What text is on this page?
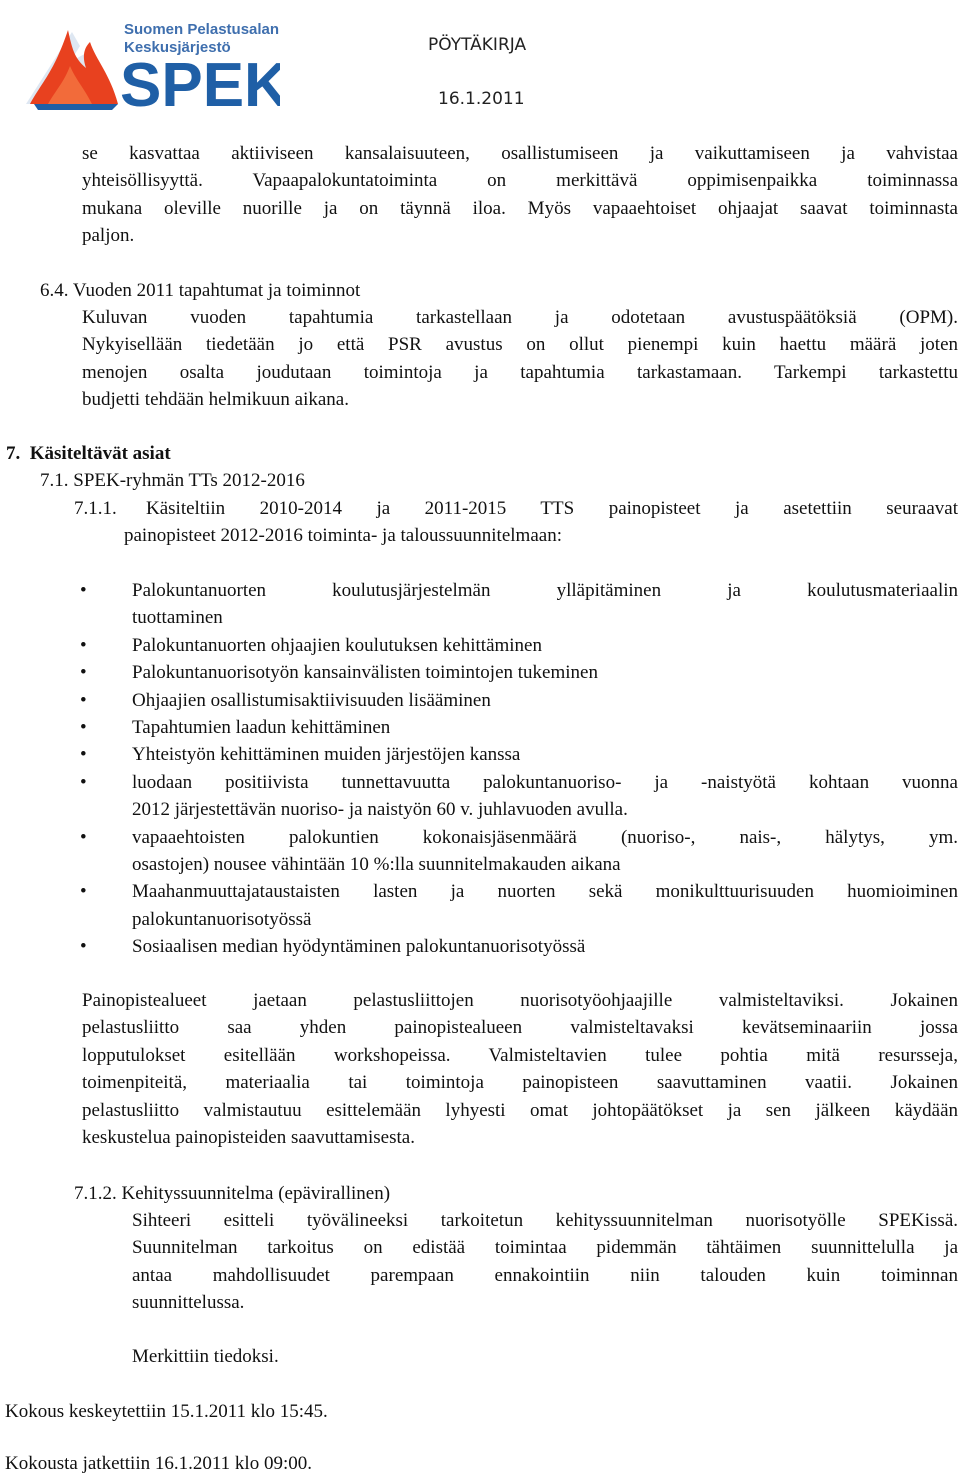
Suomen Pelastusalan
Keskusjärjestö
SPEK
PÖYTÄKIRJA
16.1.2011
se kasvattaa aktiiviseen kansalaisuuteen, osallistumiseen ja vaikuttamiseen ja vahvistaa
yhteisöllisyyttä. Vapaapalokuntatoiminta on merkittävä oppimisenpaikka toiminnassa
mukana oleville nuorille ja on täynnä iloa. Myös vapaaehtoiset ohjaajat saavat toiminnasta
paljon.
6.4. Vuoden 2011 tapahtumat ja toiminnot
Kuluvan vuoden tapahtumia tarkastellaan ja odotetaan avustuspäätöksiä (OPM).
Nykyisellään tiedetään jo että PSR avustus on ollut pienempi kuin haettu määrä joten
menojen osalta joudutaan toimintoja ja tapahtumia tarkastamaan. Tarkempi tarkastettu
budjetti tehdään helmikuun aikana.
7.  Käsiteltävät asiat
7.1. SPEK-ryhmän TTs 2012-2016
7.1.1. Käsiteltiin 2010-2014 ja 2011-2015 TTS painopisteet ja asetettiin seuraavat
painopisteet 2012-2016 toiminta- ja taloussuunnitelmaan:
• Palokuntanuorten koulutusjärjestelmän ylläpitäminen ja koulutusmateriaalin
tuottaminen
• Palokuntanuorten ohjaajien koulutuksen kehittäminen
• Palokuntanuorisotyön kansainvälisten toimintojen tukeminen
• Ohjaajien osallistumisaktiivisuuden lisääminen
• Tapahtumien laadun kehittäminen
• Yhteistyön kehittäminen muiden järjestöjen kanssa
• luodaan positiivista tunnettavuutta palokuntanuoriso- ja -naistyötä kohtaan vuonna
2012 järjestettävän nuoriso- ja naistyön 60 v. juhlavuoden avulla.
• vapaaehtoisten palokuntien kokonaisjäsenmäärä (nuoriso-, nais-, hälytys, ym.
osastojen) nousee vähintään 10 %:lla suunnitelmakauden aikana
• Maahanmuuttajataustaisten lasten ja nuorten sekä monikulttuurisuuden huomioiminen
palokuntanuorisotyössä
• Sosiaalisen median hyödyntäminen palokuntanuorisotyössä
Painopistealueet jaetaan pelastusliittojen nuorisotyöohjaajille valmisteltaviksi. Jokainen
pelastusliitto saa yhden painopistealueen valmisteltavaksi kevätseminaariin jossa
lopputulokset esitellään workshopeissa. Valmisteltavien tulee pohtia mitä resursseja,
toimenpiteitä, materiaalia tai toimintoja painopisteen saavuttaminen vaatii. Jokainen
pelastusliitto valmistautuu esittelemään lyhyesti omat johtopäätökset ja sen jälkeen käydään
keskustelua painopisteiden saavuttamisesta.
7.1.2. Kehityssuunnitelma (epävirallinen)
Sihteeri esitteli työvälineeksi tarkoitetun kehityssuunnitelman nuorisotyölle SPEKissä.
Suunnitelman tarkoitus on edistää toimintaa pidemmän tähtäimen suunnittelulla ja
antaa mahdollisuudet parempaan ennakointiin niin talouden kuin toiminnan
suunnittelussa.
Merkittiin tiedoksi.
Kokous keskeytettiin 15.1.2011 klo 15:45.
Kokousta jatkettiin 16.1.2011 klo 09:00.
